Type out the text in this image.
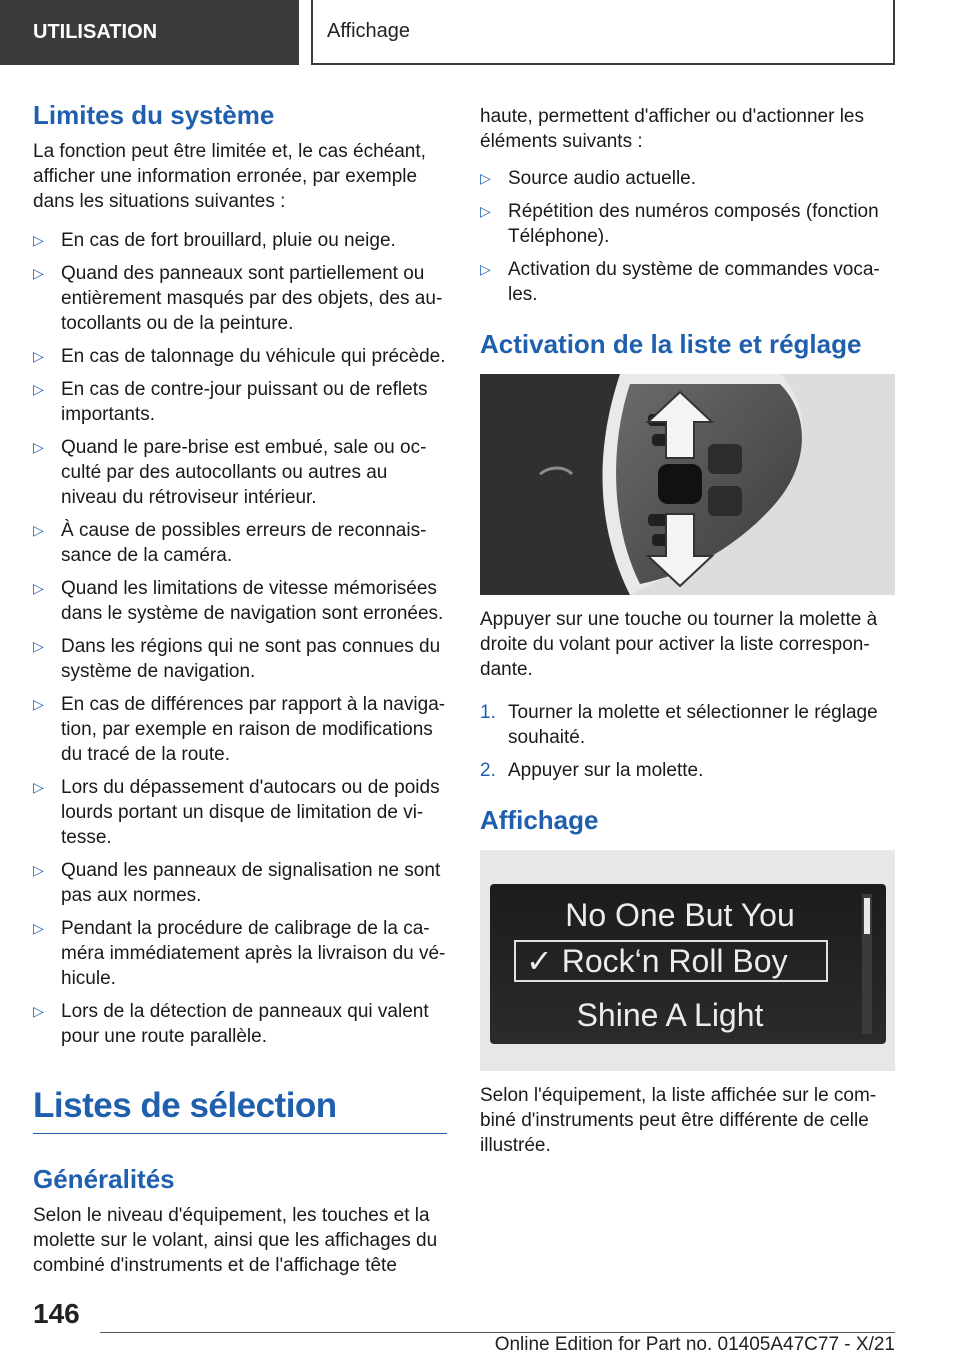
UTILISATION	Affichage
Limites du système

La fonction peut être limitée et, le cas échéant, afficher une information erronée, par exemple dans les situations suivantes :

▷ En cas de fort brouillard, pluie ou neige.
▷ Quand des panneaux sont partiellement ou entièrement masqués par des objets, des au-tocollants ou de la peinture.
▷ En cas de talonnage du véhicule qui précède.
▷ En cas de contre-jour puissant ou de reflets importants.
▷ Quand le pare-brise est embué, sale ou oc-culté par des autocollants ou autres au niveau du rétroviseur intérieur.
▷ À cause de possibles erreurs de reconnais-sance de la caméra.
▷ Quand les limitations de vitesse mémorisées dans le système de navigation sont erronées.
▷ Dans les régions qui ne sont pas connues du système de navigation.
▷ En cas de différences par rapport à la naviga-tion, par exemple en raison de modifications du tracé de la route.
▷ Lors du dépassement d'autocars ou de poids lourds portant un disque de limitation de vi-tesse.
▷ Quand les panneaux de signalisation ne sont pas aux normes.
▷ Pendant la procédure de calibrage de la ca-méra immédiatement après la livraison du vé-hicule.
▷ Lors de la détection de panneaux qui valent pour une route parallèle.
Listes de sélection
Généralités

Selon le niveau d'équipement, les touches et la molette sur le volant, ainsi que les affichages du combiné d'instruments et de l'affichage tête

haute, permettent d'afficher ou d'actionner les éléments suivants :

▷ Source audio actuelle.
▷ Répétition des numéros composés (fonction Téléphone).
▷ Activation du système de commandes voca-les.
Activation de la liste et réglage

Appuyer sur une touche ou tourner la molette à droite du volant pour activer la liste correspon-dante.

1. Tourner la molette et sélectionner le réglage souhaité.
2. Appuyer sur la molette.
Affichage
No One But You
✓ Rock‘n Roll Boy
Shine A Light

Selon l'équipement, la liste affichée sur le com-biné d'instruments peut être différente de celle illustrée.

146
Online Edition for Part no. 01405A47C77 - X/21
